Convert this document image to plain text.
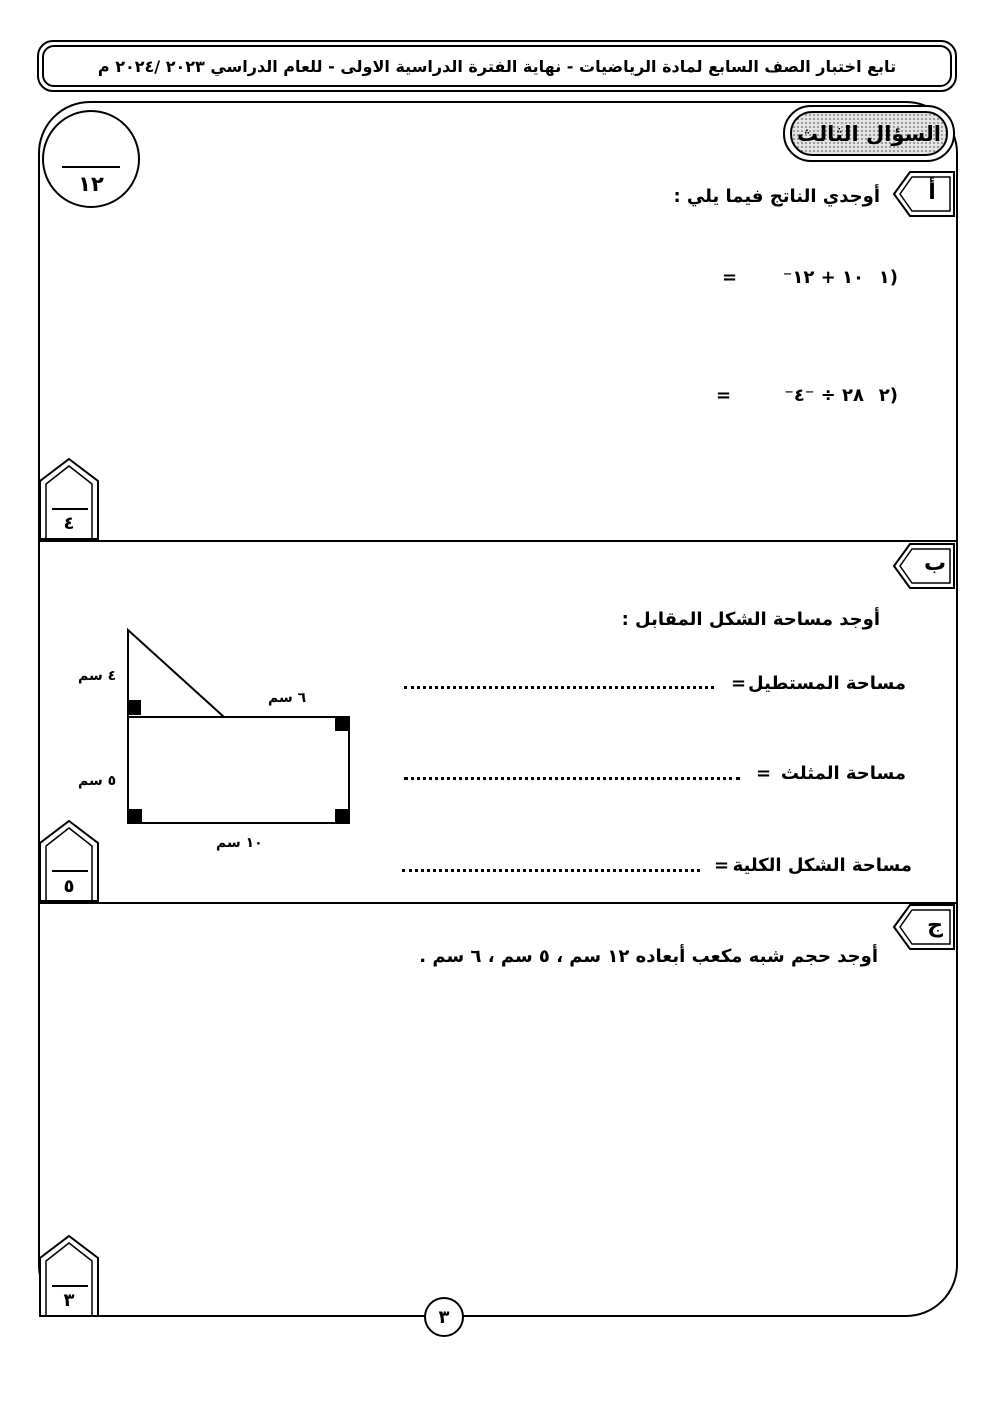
تابع اختبار الصف السابع لمادة الرياضيات - نهاية الفترة الدراسية الاولى - للعام الدراسي ٢٠٢٣ /٢٠٢٤ م
السؤال الثالث
١٢	أ
أوجدي الناتج فيما يلي :
١)
⁻١٠ + ١٢
=
٢)
⁻٢٨ ÷ ⁻٤
=
٤
ب
أوجد مساحة الشكل المقابل :
مساحة المستطيل
=
مساحة المثلث
=
مساحة الشكل الكلية
=
٤ سم
٦ سم
٥ سم
١٠ سم
٥
ج
أوجد حجم شبه مكعب أبعاده ١٢ سم ، ٥ سم ، ٦ سم .
٣
٣
